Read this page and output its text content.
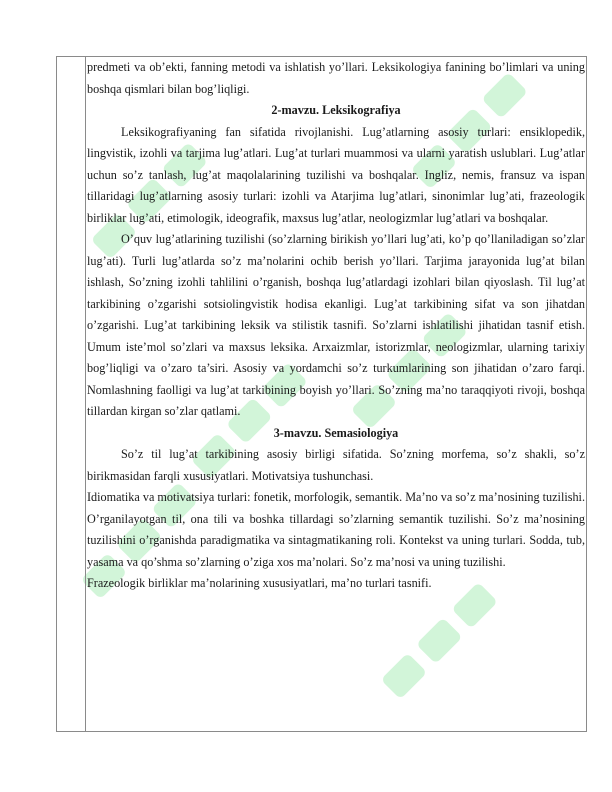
predmeti va ob’ekti, fanning metodi va ishlatish yo’llari. Leksikologiya fanining bo’limlari va uning boshqa qismlari bilan bog’liqligi.

2-mavzu. Leksikografiya

Leksikografiyaning fan sifatida rivojlanishi. Lug’atlarning asosiy turlari: ensiklopedik, lingvistik, izohli va tarjima lug’atlari. Lug’at turlari muammosi va ularni yaratish uslublari. Lug’atlar uchun so’z tanlash, lug’at maqolalarining tuzilishi va boshqalar. Ingliz, nemis, fransuz va ispan tillaridagi lug’atlarning asosiy turlari: izohli va Atarjima lug’atlari, sinonimlar lug’ati, frazeologik birliklar lug’ati, etimologik, ideografik, maxsus lug’atlar, neologizmlar lug’atlari va boshqalar.

O’quv lug’atlarining tuzilishi (so’zlarning birikish yo’llari lug’ati, ko’p qo’llaniladigan so’zlar lug’ati). Turli lug’atlarda so’z ma’nolarini ochib berish yo’llari. Tarjima jarayonida lug’at bilan ishlash, So’zning izohli tahlilini o’rganish, boshqa lug’atlardagi izohlari bilan qiyoslash. Til lug’at tarkibining o’zgarishi sotsiolingvistik hodisa ekanligi. Lug’at tarkibining sifat va son jihatdan o’zgarishi. Lug’at tarkibining leksik va stilistik tasnifi. So’zlarni ishlatilishi jihatidan tasnif etish. Umum iste’mol so’zlari va maxsus leksika. Arxaizmlar, istorizmlar, neologizmlar, ularning tarixiy bog’liqligi va o’zaro ta’siri. Asosiy va yordamchi so’z turkumlarining son jihatidan o’zaro farqi. Nomlashning faolligi va lug’at tarkibining boyish yo’llari. So’zning ma’no taraqqiyoti rivoji, boshqa tillardan kirgan so’zlar qatlami.

3-mavzu. Semasiologiya

So’z til lug’at tarkibining asosiy birligi sifatida. So’zning morfema, so’z shakli, so’z birikmasidan farqli xususiyatlari. Motivatsiya tushunchasi.

Idiomatika va motivatsiya turlari: fonetik, morfologik, semantik. Ma’no va so’z ma’nosining tuzilishi. O’rganilayotgan til, ona tili va boshka tillardagi so’zlarning semantik tuzilishi. So’z ma’nosining tuzilishini o’rganishda paradigmatika va sintagmatikaning roli. Kontekst va uning turlari. Sodda, tub, yasama va qo’shma so’zlarning o’ziga xos ma’nolari. So’z ma’nosi va uning tuzilishi.

Frazeologik birliklar ma’nolarining xususiyatlari, ma’no turlari tasnifi.
